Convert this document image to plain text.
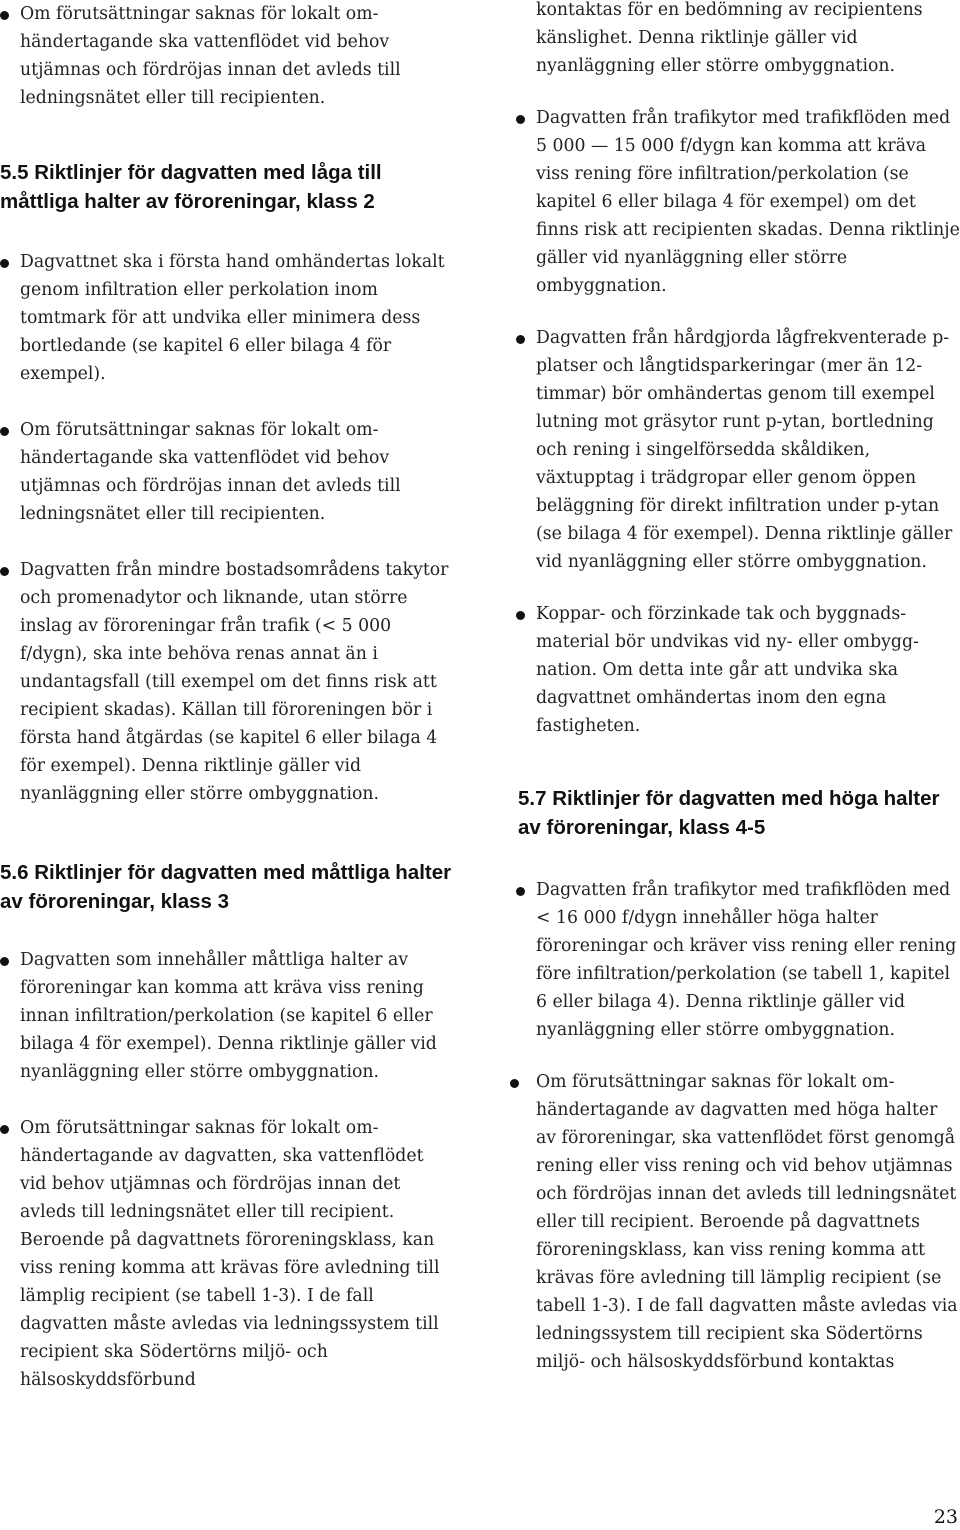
Om förutsättningar saknas för lokalt omhändertagande ska vattenflödet vid behov utjämnas och fördröjas innan det avleds till ledningsnätet eller till recipienten.

5.5 Riktlinjer för dagvatten med låga till måttliga halter av föroreningar, klass 2

Dagvattnet ska i första hand omhändertas lokalt genom infiltration eller perkolation inom tomtmark för att undvika eller minimera dess bortledande (se kapitel 6 eller bilaga 4 för exempel).

Om förutsättningar saknas för lokalt omhändertagande ska vattenflödet vid behov utjämnas och fördröjas innan det avleds till ledningsnätet eller till recipienten.

Dagvatten från mindre bostadsområdens takytor och promenadytor och liknande, utan större inslag av föroreningar från trafik (< 5 000 f/dygn), ska inte behöva renas annat än i undantagsfall (till exempel om det finns risk att recipient skadas). Källan till föroreningen bör i första hand åtgärdas (se kapitel 6 eller bilaga 4 för exempel). Denna riktlinje gäller vid nyanläggning eller större ombyggnation.

5.6 Riktlinjer för dagvatten med måttliga halter av föroreningar, klass 3

Dagvatten som innehåller måttliga halter av föroreningar kan komma att kräva viss rening innan infiltration/perkolation (se kapitel 6 eller bilaga 4 för exempel). Denna riktlinje gäller vid nyanläggning eller större ombyggnation.

Om förutsättningar saknas för lokalt omhändertagande av dagvatten, ska vattenflödet vid behov utjämnas och fördröjas innan det avleds till ledningsnätet eller till recipient. Beroende på dagvattnets föroreningsklass, kan viss rening komma att krävas före avledning till lämplig recipient (se tabell 1-3). I de fall dagvatten måste avledas via ledningssystem till recipient ska Södertörns miljö- och hälsoskyddsförbund

kontaktas för en bedömning av recipientens känslighet. Denna riktlinje gäller vid nyanläggning eller större ombyggnation.

Dagvatten från trafikytor med trafikflöden med 5 000 — 15 000 f/dygn kan komma att kräva viss rening före infiltration/perkolation (se kapitel 6 eller bilaga 4 för exempel) om det finns risk att recipienten skadas. Denna riktlinje gäller vid nyanläggning eller större ombyggnation.

Dagvatten från hårdgjorda lågfrekventerade p-platser och långtidsparkeringar (mer än 12-timmar) bör omhändertas genom till exempel lutning mot gräsytor runt p-ytan, bortledning och rening i singelförsedda skåldiken, växtupptag i trädgropar eller genom öppen beläggning för direkt infiltration under p-ytan (se bilaga 4 för exempel). Denna riktlinje gäller vid nyanläggning eller större ombyggnation.

Koppar- och förzinkade tak och byggnadsmaterial bör undvikas vid ny- eller ombyggnation. Om detta inte går att undvika ska dagvattnet omhändertas inom den egna fastigheten.

5.7 Riktlinjer för dagvatten med höga halter av föroreningar, klass 4-5

Dagvatten från trafikytor med trafikflöden med < 16 000 f/dygn innehåller höga halter föroreningar och kräver viss rening eller rening före infiltration/perkolation (se tabell 1, kapitel 6 eller bilaga 4). Denna riktlinje gäller vid nyanläggning eller större ombyggnation.

Om förutsättningar saknas för lokalt omhändertagande av dagvatten med höga halter av föroreningar, ska vattenflödet först genomgå rening eller viss rening och vid behov utjämnas och fördröjas innan det avleds till ledningsnätet eller till recipient. Beroende på dagvattnets föroreningsklass, kan viss rening komma att krävas före avledning till lämplig recipient (se tabell 1-3). I de fall dagvatten måste avledas via ledningssystem till recipient ska Södertörns miljö- och hälsoskyddsförbund kontaktas

23
